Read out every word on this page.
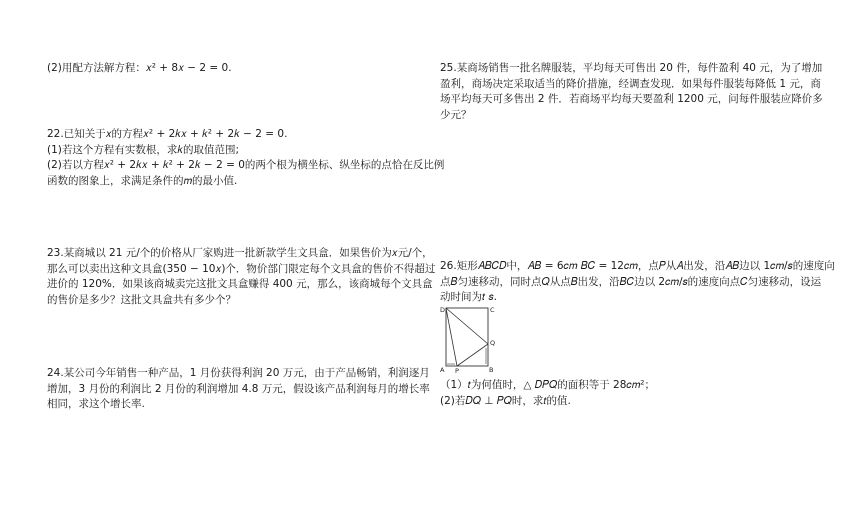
(2)用配方法解方程：𝑥² + 8𝑥 − 2 = 0.
22.已知关于𝑥的方程𝑥² + 2𝑘𝑥 + 𝑘² + 2𝑘 − 2 = 0.
(1)若这个方程有实数根，求𝑘的取值范围;
(2)若以方程𝑥² + 2𝑘𝑥 + 𝑘² + 2𝑘 − 2 = 0的两个根为横坐标、纵坐标的点恰在反比例
函数的图象上，求满足条件的𝑚的最小值.
23.某商城以 21 元/个的价格从厂家购进一批新款学生文具盒．如果售价为𝑥元/个，
那么可以卖出这种文具盒(350 − 10𝑥)个．物价部门限定每个文具盒的售价不得超过
进价的 120%．如果该商城卖完这批文具盒赚得 400 元，那么，该商城每个文具盒
的售价是多少？这批文具盒共有多少个？
24.某公司今年销售一种产品，1 月份获得利润 20 万元，由于产品畅销，利润逐月
增加，3 月份的利润比 2 月份的利润增加 4.8 万元，假设该产品利润每月的增长率
相同，求这个增长率.
25.某商场销售一批名牌服装，平均每天可售出 20 件，每件盈利 40 元，为了增加
盈利，商场决定采取适当的降价措施，经调查发现．如果每件服装每降低 1 元，商
场平均每天可多售出 2 件．若商场平均每天要盈利 1200 元，问每件服装应降价多
少元？
26.矩形𝐴𝐵𝐶𝐷中，𝐴𝐵 = 6𝑐𝑚 𝐵𝐶 = 12𝑐𝑚，点𝑃从𝐴出发，沿𝐴𝐵边以 1𝑐𝑚/𝑠的速度向
点𝐵匀速移动，同时点𝑄从点𝐵出发，沿𝐵𝐶边以 2𝑐𝑚/𝑠的速度向点𝐶匀速移动，设运
动时间为𝑡 𝑠.
D	C
Q
A P	B
（1）𝑡为何值时，△ 𝐷𝑃𝑄的面积等于 28𝑐𝑚²；
(2)若𝐷𝑄 ⊥ 𝑃𝑄时，求𝑡的值.
